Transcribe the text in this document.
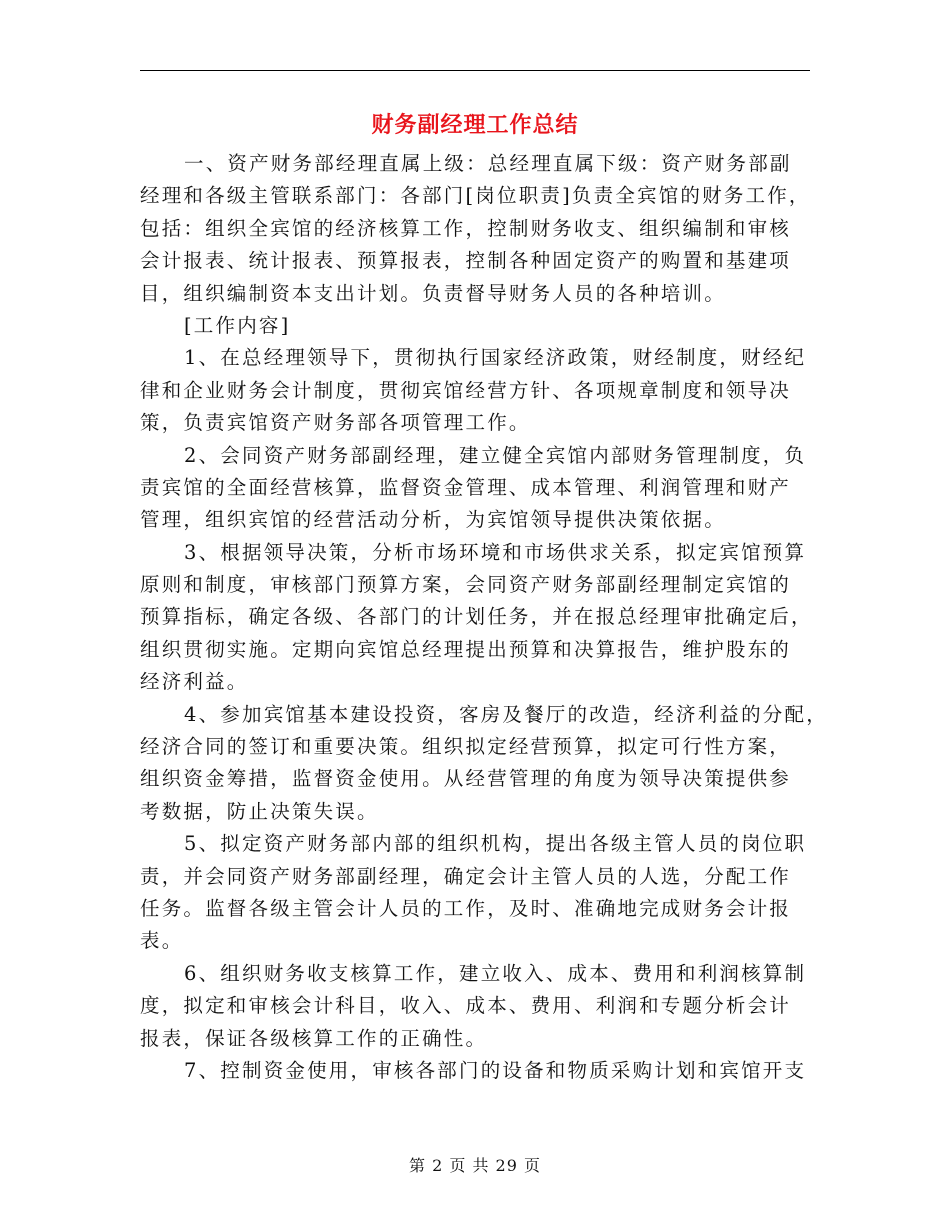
财务副经理工作总结
一、资产财务部经理直属上级：总经理直属下级：资产财务部副
经理和各级主管联系部门：各部门[岗位职责]负责全宾馆的财务工作，
包括：组织全宾馆的经济核算工作，控制财务收支、组织编制和审核
会计报表、统计报表、预算报表，控制各种固定资产的购置和基建项
目，组织编制资本支出计划。负责督导财务人员的各种培训。
[工作内容]
1、在总经理领导下，贯彻执行国家经济政策，财经制度，财经纪
律和企业财务会计制度，贯彻宾馆经营方针、各项规章制度和领导决
策，负责宾馆资产财务部各项管理工作。
2、会同资产财务部副经理，建立健全宾馆内部财务管理制度，负
责宾馆的全面经营核算，监督资金管理、成本管理、利润管理和财产
管理，组织宾馆的经营活动分析，为宾馆领导提供决策依据。
3、根据领导决策，分析市场环境和市场供求关系，拟定宾馆预算
原则和制度，审核部门预算方案，会同资产财务部副经理制定宾馆的
预算指标，确定各级、各部门的计划任务，并在报总经理审批确定后，
组织贯彻实施。定期向宾馆总经理提出预算和决算报告，维护股东的
经济利益。
4、参加宾馆基本建设投资，客房及餐厅的改造，经济利益的分配，
经济合同的签订和重要决策。组织拟定经营预算，拟定可行性方案，
组织资金筹措，监督资金使用。从经营管理的角度为领导决策提供参
考数据，防止决策失误。
5、拟定资产财务部内部的组织机构，提出各级主管人员的岗位职
责，并会同资产财务部副经理，确定会计主管人员的人选，分配工作
任务。监督各级主管会计人员的工作，及时、准确地完成财务会计报
表。
6、组织财务收支核算工作，建立收入、成本、费用和利润核算制
度，拟定和审核会计科目，收入、成本、费用、利润和专题分析会计
报表，保证各级核算工作的正确性。
7、控制资金使用，审核各部门的设备和物质采购计划和宾馆开支
第 2 页 共 29 页
